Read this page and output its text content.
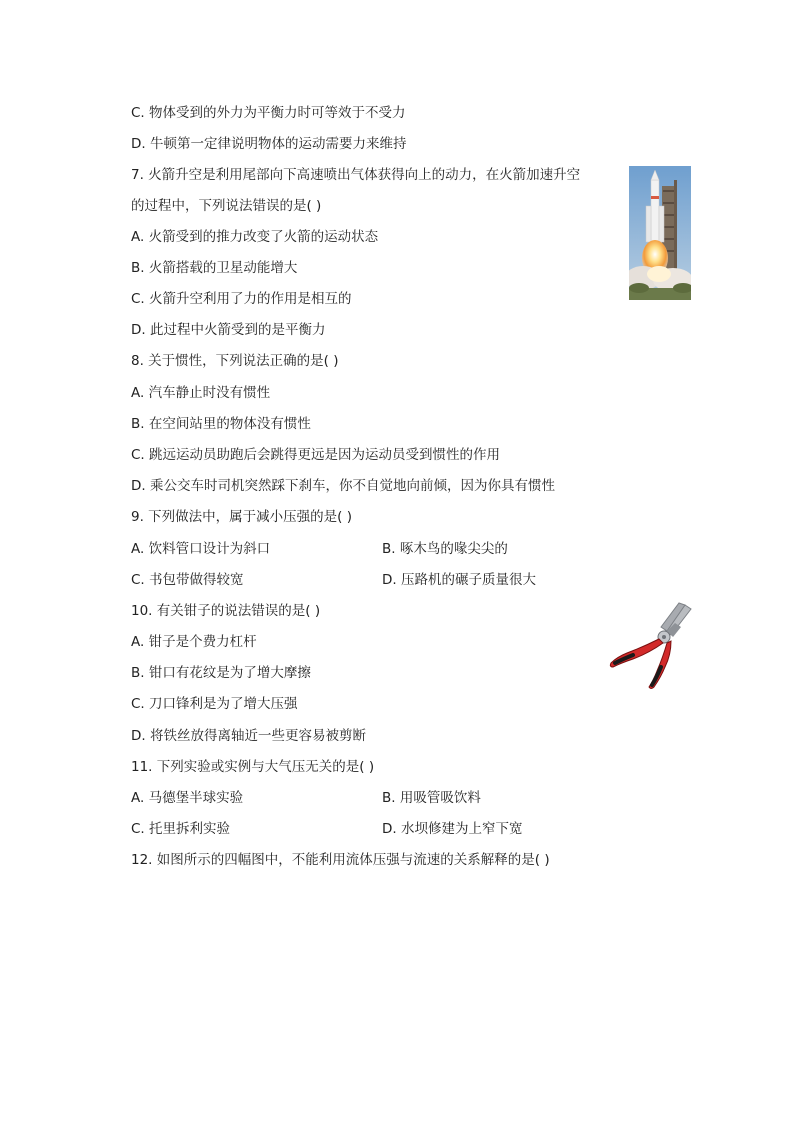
C. 物体受到的外力为平衡力时可等效于不受力
D. 牛顿第一定律说明物体的运动需要力来维持
7. 火箭升空是利用尾部向下高速喷出气体获得向上的动力，在火箭加速升空
的过程中，下列说法错误的是( )
A. 火箭受到的推力改变了火箭的运动状态
B. 火箭搭载的卫星动能增大
C. 火箭升空利用了力的作用是相互的
D. 此过程中火箭受到的是平衡力
8. 关于惯性，下列说法正确的是( )
A. 汽车静止时没有惯性
B. 在空间站里的物体没有惯性
C. 跳远运动员助跑后会跳得更远是因为运动员受到惯性的作用
D. 乘公交车时司机突然踩下刹车，你不自觉地向前倾，因为你具有惯性
9. 下列做法中，属于减小压强的是( )
A. 饮料管口设计为斜口	B. 啄木鸟的喙尖尖的
C. 书包带做得较宽	D. 压路机的碾子质量很大
10. 有关钳子的说法错误的是( )
A. 钳子是个费力杠杆
B. 钳口有花纹是为了增大摩擦
C. 刀口锋利是为了增大压强
D. 将铁丝放得离轴近一些更容易被剪断
11. 下列实验或实例与大气压无关的是( )
A. 马德堡半球实验	B. 用吸管吸饮料
C. 托里拆利实验	D. 水坝修建为上窄下宽
12. 如图所示的四幅图中，不能利用流体压强与流速的关系解释的是( )
